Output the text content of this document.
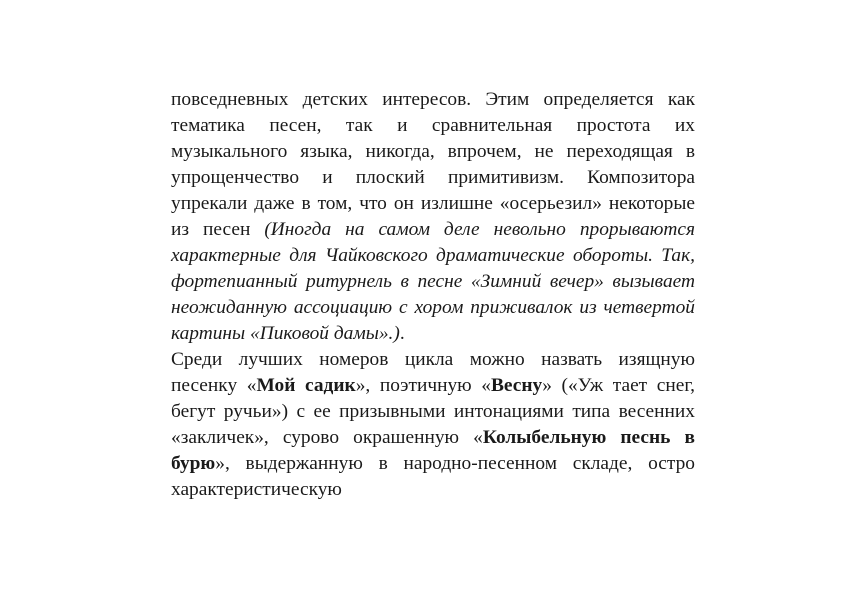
повседневных детских интересов. Этим определяется как тематика песен, так и сравнительная простота их музыкального языка, никогда, впрочем, не переходящая в упрощенчество и плоский примитивизм. Композитора упрекали даже в том, что он излишне «осерьезил» некоторые из песен (Иногда на самом деле невольно прорываются характерные для Чайковского драматические обороты. Так, фортепианный ритурнель в песне «Зимний вечер» вызывает неожиданную ассоциацию с хором приживалок из четвертой картины «Пиковой дамы».).

Среди лучших номеров цикла можно назвать изящную песенку «Мой садик», поэтичную «Весну» («Уж тает снег, бегут ручьи») с ее призывными интонациями типа весенних «закличек», сурово окрашенную «Колыбельную песнь в бурю», выдержанную в народно-песенном складе, остро характеристическую
